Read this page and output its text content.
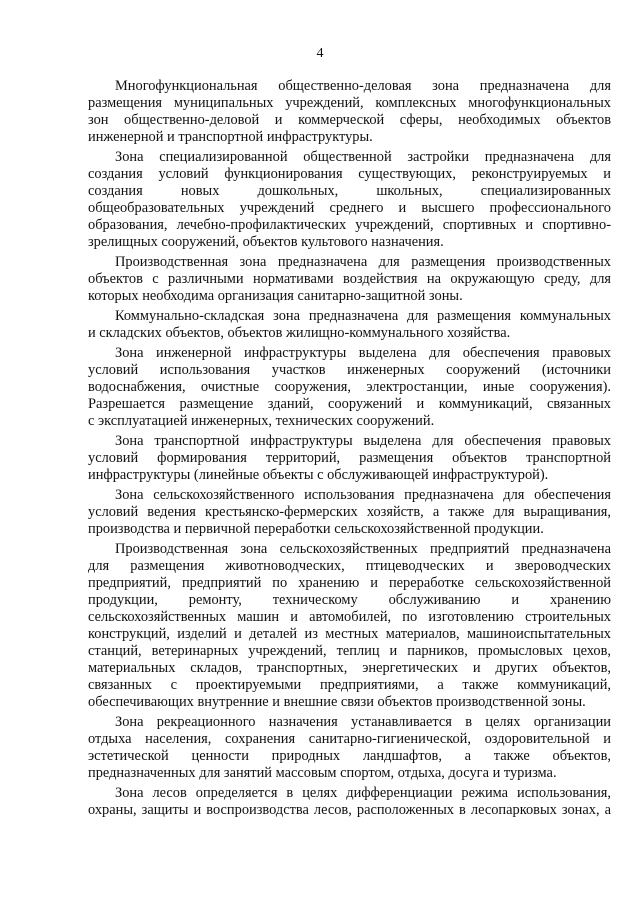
4
Многофункциональная общественно-деловая зона предназначена для
размещения муниципальных учреждений, комплексных многофункциональных
зон общественно-деловой и коммерческой сферы, необходимых объектов
инженерной и транспортной инфраструктуры.
Зона специализированной общественной застройки предназначена для
создания условий функционирования существующих, реконструируемых и
создания новых дошкольных, школьных, специализированных
общеобразовательных учреждений среднего и высшего профессионального
образования, лечебно-профилактических учреждений, спортивных и спортивно-
зрелищных сооружений, объектов культового назначения.
Производственная зона предназначена для размещения производственных
объектов с различными нормативами воздействия на окружающую среду, для
которых необходима организация санитарно-защитной зоны.
Коммунально-складская зона предназначена для размещения коммунальных
и складских объектов, объектов жилищно-коммунального хозяйства.
Зона инженерной инфраструктуры выделена для обеспечения правовых
условий использования участков инженерных сооружений (источники
водоснабжения, очистные сооружения, электростанции, иные сооружения).
Разрешается размещение зданий, сооружений и коммуникаций, связанных
с эксплуатацией инженерных, технических сооружений.
Зона транспортной инфраструктуры выделена для обеспечения правовых
условий формирования территорий, размещения объектов транспортной
инфраструктуры (линейные объекты с обслуживающей инфраструктурой).
Зона сельскохозяйственного использования предназначена для обеспечения
условий ведения крестьянско-фермерских хозяйств, а также для выращивания,
производства и первичной переработки сельскохозяйственной продукции.
Производственная зона сельскохозяйственных предприятий предназначена
для размещения животноводческих, птицеводческих и звероводческих
предприятий, предприятий по хранению и переработке сельскохозяйственной
продукции, ремонту, техническому обслуживанию и хранению
сельскохозяйственных машин и автомобилей, по изготовлению строительных
конструкций, изделий и деталей из местных материалов, машиноиспытательных
станций, ветеринарных учреждений, теплиц и парников, промысловых цехов,
материальных складов, транспортных, энергетических и других объектов,
связанных с проектируемыми предприятиями, а также коммуникаций,
обеспечивающих внутренние и внешние связи объектов производственной зоны.
Зона рекреационного назначения устанавливается в целях организации
отдыха населения, сохранения санитарно-гигиенической, оздоровительной и
эстетической ценности природных ландшафтов, а также объектов,
предназначенных для занятий массовым спортом, отдыха, досуга и туризма.
Зона лесов определяется в целях дифференциации режима использования,
охраны, защиты и воспроизводства лесов, расположенных в лесопарковых зонах, а
